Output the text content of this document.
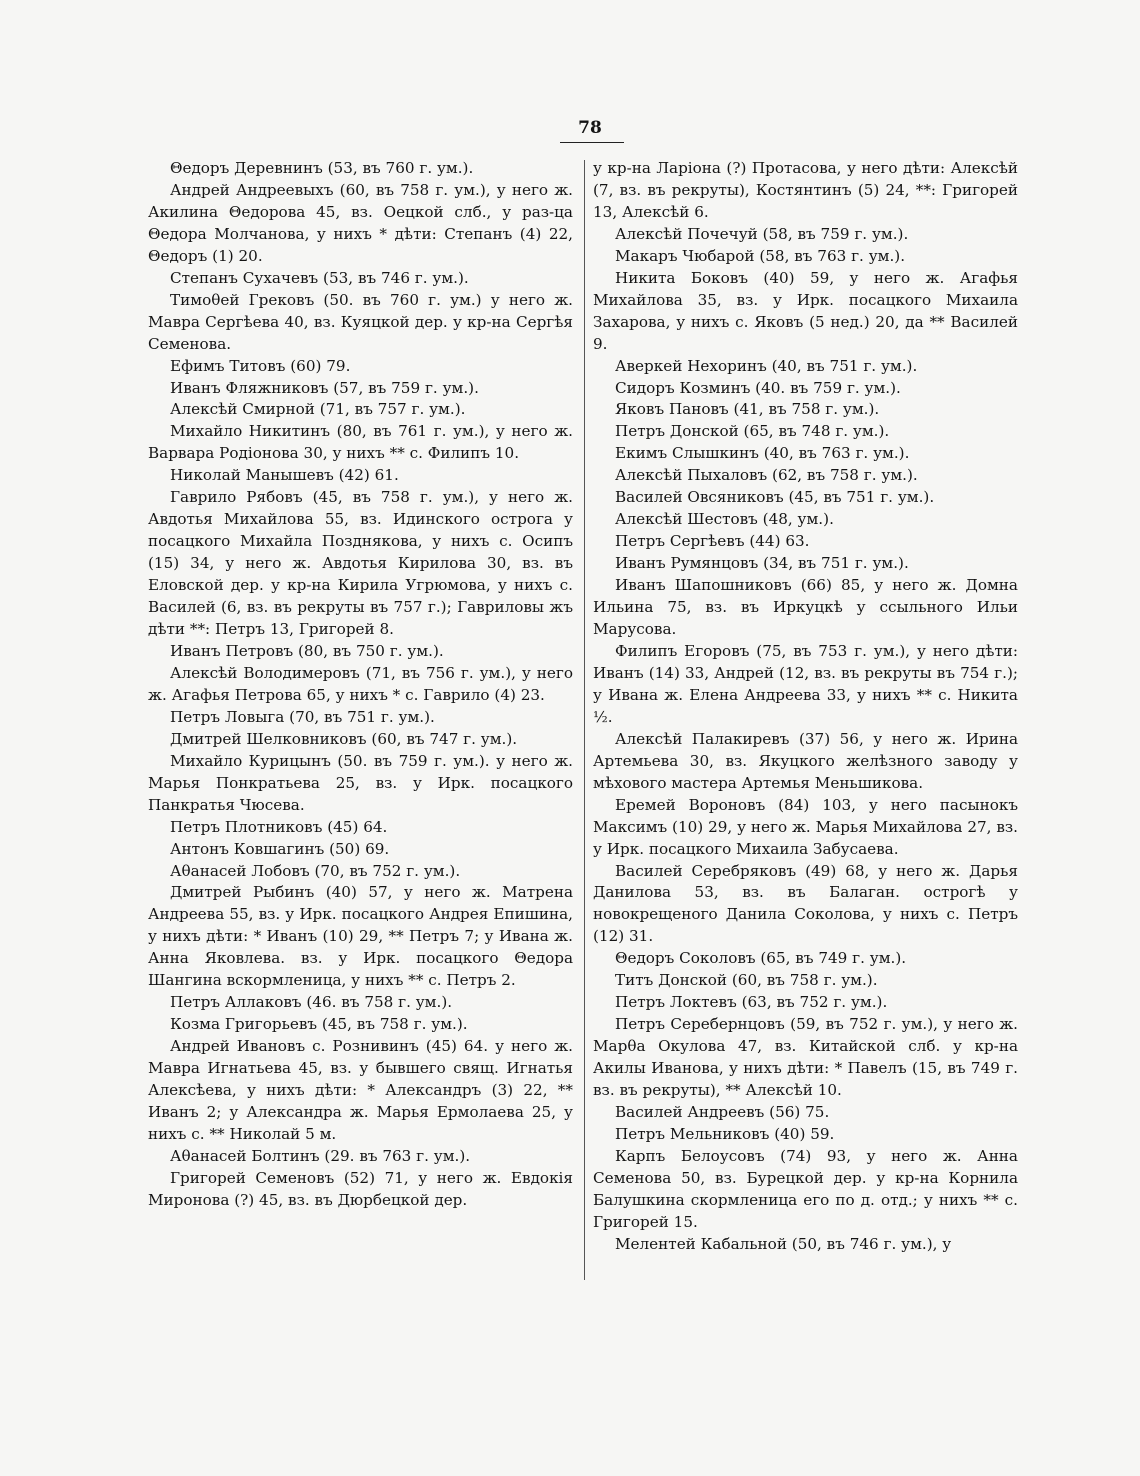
78

Θедоръ Деревнинъ (53, въ 760 г. ум.).

Андрей Андреевыхъ (60, въ 758 г. ум.), у него ж. Акилина Θедорова 45, вз. Оецкой слб., у раз-ца Θедора Молчанова, у нихъ * дѣти: Степанъ (4) 22, Θедоръ (1) 20.

Степанъ Сухачевъ (53, въ 746 г. ум.).

Тимоθей Грековъ (50. въ 760 г. ум.) у него ж. Мавра Сергѣева 40, вз. Куяцкой дер. у кр-на Сергѣя Семенова.

Ефимъ Титовъ (60) 79.

Иванъ Фляжниковъ (57, въ 759 г. ум.).

Алексѣй Смирной (71, въ 757 г. ум.).

Михайло Никитинъ (80, въ 761 г. ум.), у него ж. Варвара Родіонова 30, у нихъ ** с. Филипъ 10.

Николай Манышевъ (42) 61.

Гаврило Рябовъ (45, въ 758 г. ум.), у него ж. Авдотья Михайлова 55, вз. Идинского острога у посацкого Михайла Позднякова, у нихъ с. Осипъ (15) 34, у него ж. Авдотья Кирилова 30, вз. въ Еловской дер. у кр-на Кирила Угрюмова, у нихъ с. Василей (6, вз. въ рекруты въ 757 г.); Гавриловы жъ дѣти **: Петръ 13, Григорей 8.

Иванъ Петровъ (80, въ 750 г. ум.).

Алексѣй Володимеровъ (71, въ 756 г. ум.), у него ж. Агафья Петрова 65, у нихъ * с. Гаврило (4) 23.

Петръ Ловыга (70, въ 751 г. ум.).

Дмитрей Шелковниковъ (60, въ 747 г. ум.).

Михайло Курицынъ (50. въ 759 г. ум.). у него ж. Марья Понкратьева 25, вз. у Ирк. посацкого Панкратья Чюсева.

Петръ Плотниковъ (45) 64.

Антонъ Ковшагинъ (50) 69.

Аθанасей Лобовъ (70, въ 752 г. ум.).

Дмитрей Рыбинъ (40) 57, у него ж. Матрена Андреева 55, вз. у Ирк. посацкого Андрея Епишина, у нихъ дѣти: * Иванъ (10) 29, ** Петръ 7; у Ивана ж. Анна Яковлева. вз. у Ирк. посацкого Θедора Шангина вскормленица, у нихъ ** с. Петръ 2.

Петръ Аллаковъ (46. въ 758 г. ум.).

Козма Григорьевъ (45, въ 758 г. ум.).

Андрей Ивановъ с. Рознивинъ (45) 64. у него ж. Мавра Игнатьева 45, вз. у бывшего свящ. Игнатья Алексѣева, у нихъ дѣти: * Александръ (3) 22, ** Иванъ 2; у Александра ж. Марья Ермолаева 25, у нихъ с. ** Николай 5 м.

Аθанасей Болтинъ (29. въ 763 г. ум.).

Григорей Семеновъ (52) 71, у него ж. Евдокія Миронова (?) 45, вз. въ Дюрбецкой дер.

у кр-на Ларіона (?) Протасова, у него дѣти: Алексѣй (7, вз. въ рекруты), Костянтинъ (5) 24, **: Григорей 13, Алексѣй 6.

Алексѣй Почечуй (58, въ 759 г. ум.).

Макаръ Чюбарой (58, въ 763 г. ум.).

Никита Боковъ (40) 59, у него ж. Агафья Михайлова 35, вз. у Ирк. посацкого Михаила Захарова, у нихъ с. Яковъ (5 нед.) 20, да ** Василей 9.

Аверкей Нехоринъ (40, въ 751 г. ум.).

Сидоръ Козминъ (40. въ 759 г. ум.).

Яковъ Пановъ (41, въ 758 г. ум.).

Петръ Донской (65, въ 748 г. ум.).

Екимъ Слышкинъ (40, въ 763 г. ум.).

Алексѣй Пыхаловъ (62, въ 758 г. ум.).

Василей Овсяниковъ (45, въ 751 г. ум.).

Алексѣй Шестовъ (48, ум.).

Петръ Сергѣевъ (44) 63.

Иванъ Румянцовъ (34, въ 751 г. ум.).

Иванъ Шапошниковъ (66) 85, у него ж. Домна Ильина 75, вз. въ Иркуцкѣ у ссыльного Ильи Марусова.

Филипъ Егоровъ (75, въ 753 г. ум.), у него дѣти: Иванъ (14) 33, Андрей (12, вз. въ рекруты въ 754 г.); у Ивана ж. Елена Андреева 33, у нихъ ** с. Никита ½.

Алексѣй Палакиревъ (37) 56, у него ж. Ирина Артемьева 30, вз. Якуцкого желѣзного заводу у мѣхового мастера Артемья Меньшикова.

Еремей Вороновъ (84) 103, у него пасынокъ Максимъ (10) 29, у него ж. Марья Михайлова 27, вз. у Ирк. посацкого Михаила Забусаева.

Василей Серебряковъ (49) 68, у него ж. Дарья Данилова 53, вз. въ Балаган. острогѣ у новокрещеного Данила Соколова, у нихъ с. Петръ (12) 31.

Θедоръ Соколовъ (65, въ 749 г. ум.).

Титъ Донской (60, въ 758 г. ум.).

Петръ Локтевъ (63, въ 752 г. ум.).

Петръ Серебернцовъ (59, въ 752 г. ум.), у него ж. Марθа Окулова 47, вз. Китайской слб. у кр-на Акилы Иванова, у нихъ дѣти: * Павелъ (15, въ 749 г. вз. въ рекруты), ** Алексѣй 10.

Василей Андреевъ (56) 75.

Петръ Мельниковъ (40) 59.

Карпъ Белоусовъ (74) 93, у него ж. Анна Семенова 50, вз. Бурецкой дер. у кр-на Корнила Балушкина скормленица его по д. отд.; у нихъ ** с. Григорей 15.

Мелентей Кабальной (50, въ 746 г. ум.), у
